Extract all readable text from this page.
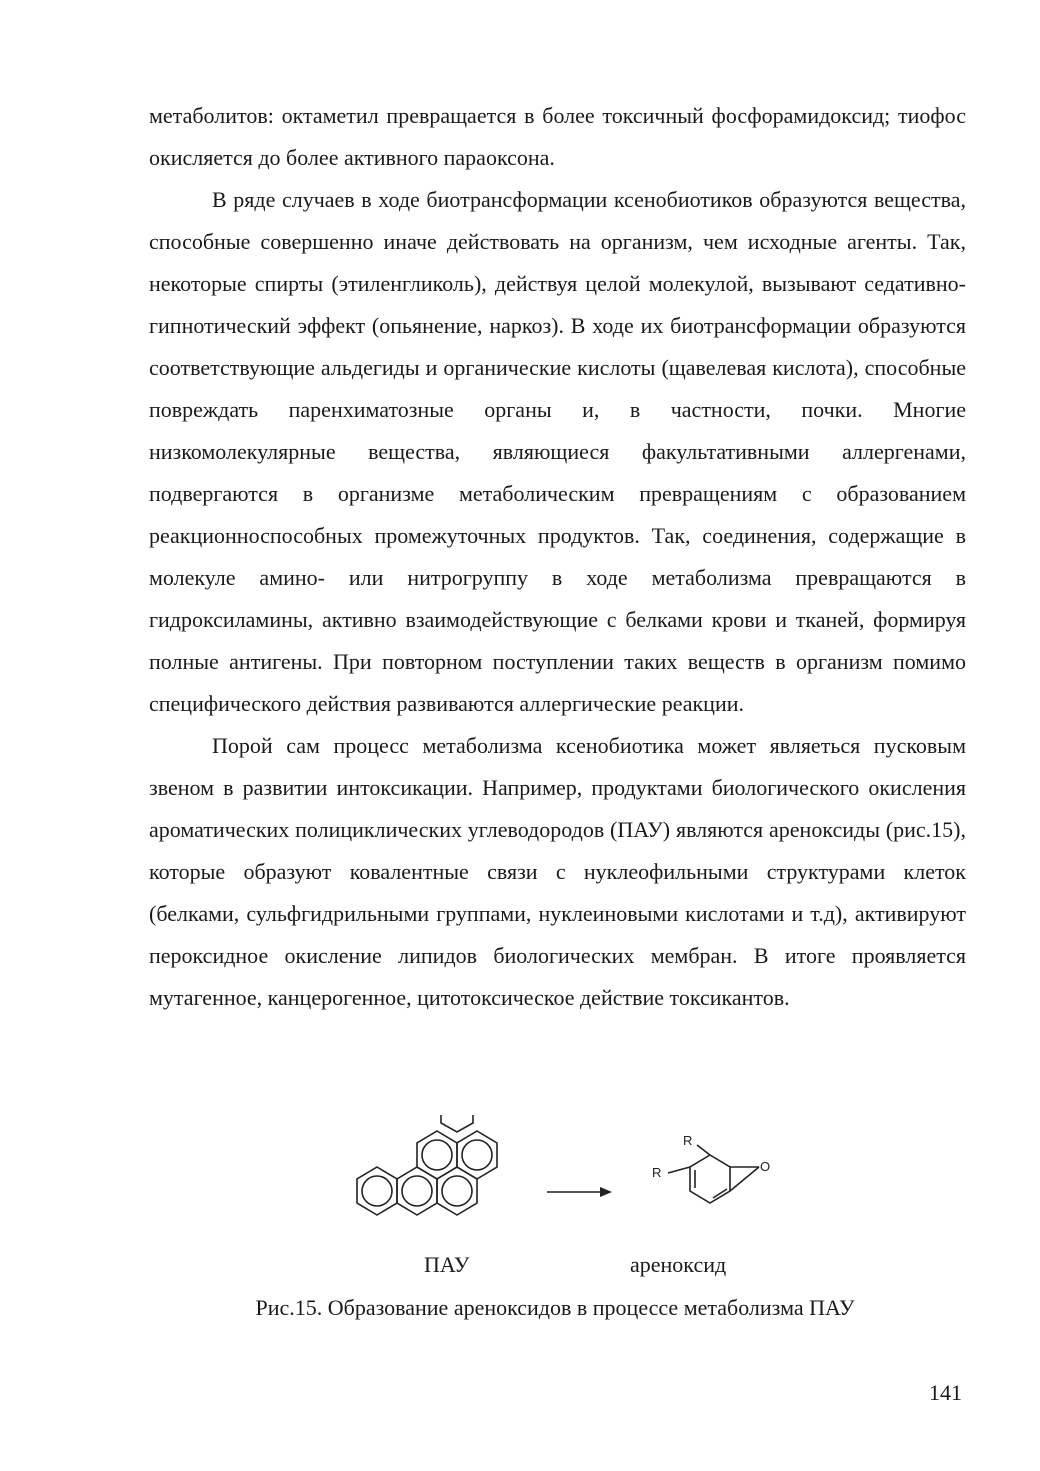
метаболитов: октаметил превращается в более токсичный фосфорамидоксид; тиофос окисляется до более активного параоксона.

В ряде случаев в ходе биотрансформации ксенобиотиков образуются вещества, способные совершенно иначе действовать на организм, чем исходные агенты. Так, некоторые спирты (этиленгликоль), действуя целой молекулой, вызывают седативно-гипнотический эффект (опьянение, наркоз). В ходе их биотрансформации образуются соответствующие альдегиды и органические кислоты (щавелевая кислота), способные повреждать паренхиматозные органы и, в частности, почки. Многие низкомолекулярные вещества, являющиеся факультативными аллергенами, подвергаются в организме метаболическим превращениям с образованием реакционноспособных промежуточных продуктов. Так, соединения, содержащие в молекуле амино- или нитрогруппу в ходе метаболизма превращаются в гидроксиламины, активно взаимодействующие с белками крови и тканей, формируя полные антигены. При повторном поступлении таких веществ в организм помимо специфического действия развиваются аллергические реакции.

Порой сам процесс метаболизма ксенобиотика может являеться пусковым звеном в развитии интоксикации. Например, продуктами биологического окисления ароматических полициклических углеводородов (ПАУ) являются ареноксиды (рис.15), которые образуют ковалентные связи с нуклеофильными структурами клеток (белками, сульфгидрильными группами, нуклеиновыми кислотами и т.д), активируют пероксидное окисление липидов биологических мембран. В итоге проявляется мутагенное, канцерогенное, цитотоксическое действие токсикантов.

R
R	O
ПАУ	ареноксид
Рис.15. Образование ареноксидов в процессе метаболизма ПАУ
141
